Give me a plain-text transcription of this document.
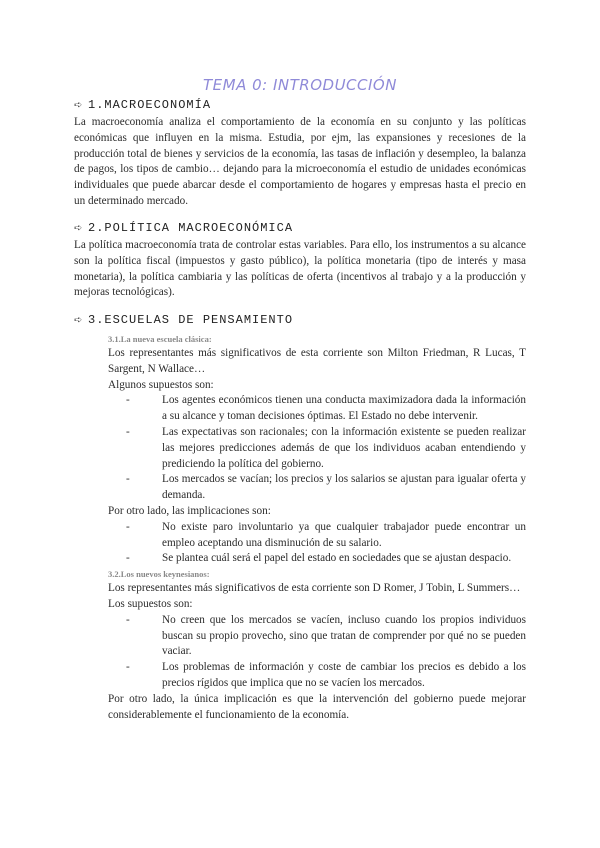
TEMA 0: INTRODUCCIÓN
➪ 1.MACROECONOMÍA

La macroeconomía analiza el comportamiento de la economía en su conjunto y las políticas económicas que influyen en la misma. Estudia, por ejm, las expansiones y recesiones de la producción total de bienes y servicios de la economía, las tasas de inflación y desempleo, la balanza de pagos, los tipos de cambio… dejando para la microeconomía el estudio de unidades económicas individuales que puede abarcar desde el comportamiento de hogares y empresas hasta el precio en un determinado mercado.

➪ 2.POLÍTICA MACROECONÓMICA

La política macroeconomía trata de controlar estas variables. Para ello, los instrumentos a su alcance son la política fiscal (impuestos y gasto público), la política monetaria (tipo de interés y masa monetaria), la política cambiaria y las políticas de oferta (incentivos al trabajo y a la producción y mejoras tecnológicas).

➪ 3.ESCUELAS DE PENSAMIENTO
3.1.La nueva escuela clásica:
Los representantes más significativos de esta corriente son Milton Friedman, R Lucas, T Sargent, N Wallace…
Algunos supuestos son:
- Los agentes económicos tienen una conducta maximizadora dada la información a su alcance y toman decisiones óptimas. El Estado no debe intervenir.
- Las expectativas son racionales; con la información existente se pueden realizar las mejores predicciones además de que los individuos acaban entendiendo y prediciendo la política del gobierno.
- Los mercados se vacían; los precios y los salarios se ajustan para igualar oferta y demanda.
Por otro lado, las implicaciones son:
- No existe paro involuntario ya que cualquier trabajador puede encontrar un empleo aceptando una disminución de su salario.
- Se plantea cuál será el papel del estado en sociedades que se ajustan despacio.
3.2.Los nuevos keynesianos:
Los representantes más significativos de esta corriente son D Romer, J Tobin, L Summers…
Los supuestos son:
- No creen que los mercados se vacíen, incluso cuando los propios individuos buscan su propio provecho, sino que tratan de comprender por qué no se pueden vaciar.
- Los problemas de información y coste de cambiar los precios es debido a los precios rígidos que implica que no se vacíen los mercados.
Por otro lado, la única implicación es que la intervención del gobierno puede mejorar considerablemente el funcionamiento de la economía.
